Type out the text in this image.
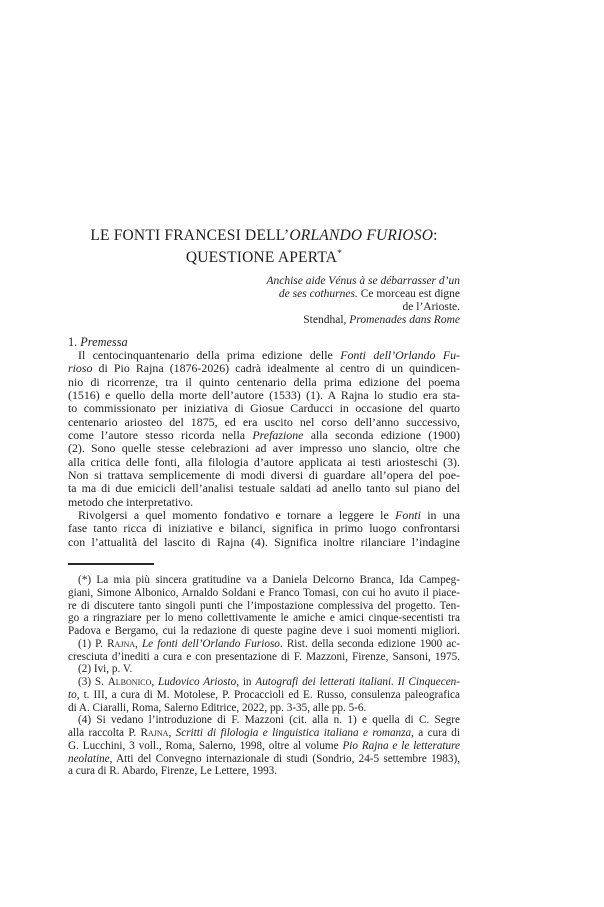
LE FONTI FRANCESI DELL’ORLANDO FURIOSO:
QUESTIONE APERTA*
Anchise aide Vénus à se débarrasser d’un
de ses cothurnes. Ce morceau est digne
de l’Arioste.
Stendhal, Promenades dans Rome
1. Premessa
Il centocinquantenario della prima edizione delle Fonti dell’Orlando Fu-
rioso di Pio Rajna (1876-2026) cadrà idealmente al centro di un quindicen-
nio di ricorrenze, tra il quinto centenario della prima edizione del poema
(1516) e quello della morte dell’autore (1533) (1). A Rajna lo studio era sta-
to commissionato per iniziativa di Giosue Carducci in occasione del quarto
centenario ariosteo del 1875, ed era uscito nel corso dell’anno successivo,
come l’autore stesso ricorda nella Prefazione alla seconda edizione (1900)
(2). Sono quelle stesse celebrazioni ad aver impresso uno slancio, oltre che
alla critica delle fonti, alla filologia d’autore applicata ai testi ariosteschi (3).
Non si trattava semplicemente di modi diversi di guardare all’opera del poe-
ta ma di due emicicli dell’analisi testuale saldati ad anello tanto sul piano del
metodo che interpretativo.
Rivolgersi a quel momento fondativo e tornare a leggere le Fonti in una
fase tanto ricca di iniziative e bilanci, significa in primo luogo confrontarsi
con l’attualità del lascito di Rajna (4). Significa inoltre rilanciare l’indagine
(*) La mia più sincera gratitudine va a Daniela Delcorno Branca, Ida Campeg-
giani, Simone Albonico, Arnaldo Soldani e Franco Tomasi, con cui ho avuto il piace-
re di discutere tanto singoli punti che l’impostazione complessiva del progetto. Ten-
go a ringraziare per lo meno collettivamente le amiche e amici cinque-secentisti tra
Padova e Bergamo, cui la redazione di queste pagine deve i suoi momenti migliori.
(1) P. Rajna, Le fonti dell’Orlando Furioso. Rist. della seconda edizione 1900 ac-
cresciuta d’inediti a cura e con presentazione di F. Mazzoni, Firenze, Sansoni, 1975.
(2) Ivi, p. V.
(3) S. Albonico, Ludovico Ariosto, in Autografi dei letterati italiani. Il Cinquecen-
to, t. III, a cura di M. Motolese, P. Procaccioli ed E. Russo, consulenza paleografica
di A. Ciaralli, Roma, Salerno Editrice, 2022, pp. 3-35, alle pp. 5-6.
(4) Si vedano l’introduzione di F. Mazzoni (cit. alla n. 1) e quella di C. Segre
alla raccolta P. Rajna, Scritti di filologia e linguistica italiana e romanza, a cura di
G. Lucchini, 3 voll., Roma, Salerno, 1998, oltre al volume Pio Rajna e le letterature
neolatine, Atti del Convegno internazionale di studi (Sondrio, 24-5 settembre 1983),
a cura di R. Abardo, Firenze, Le Lettere, 1993.
